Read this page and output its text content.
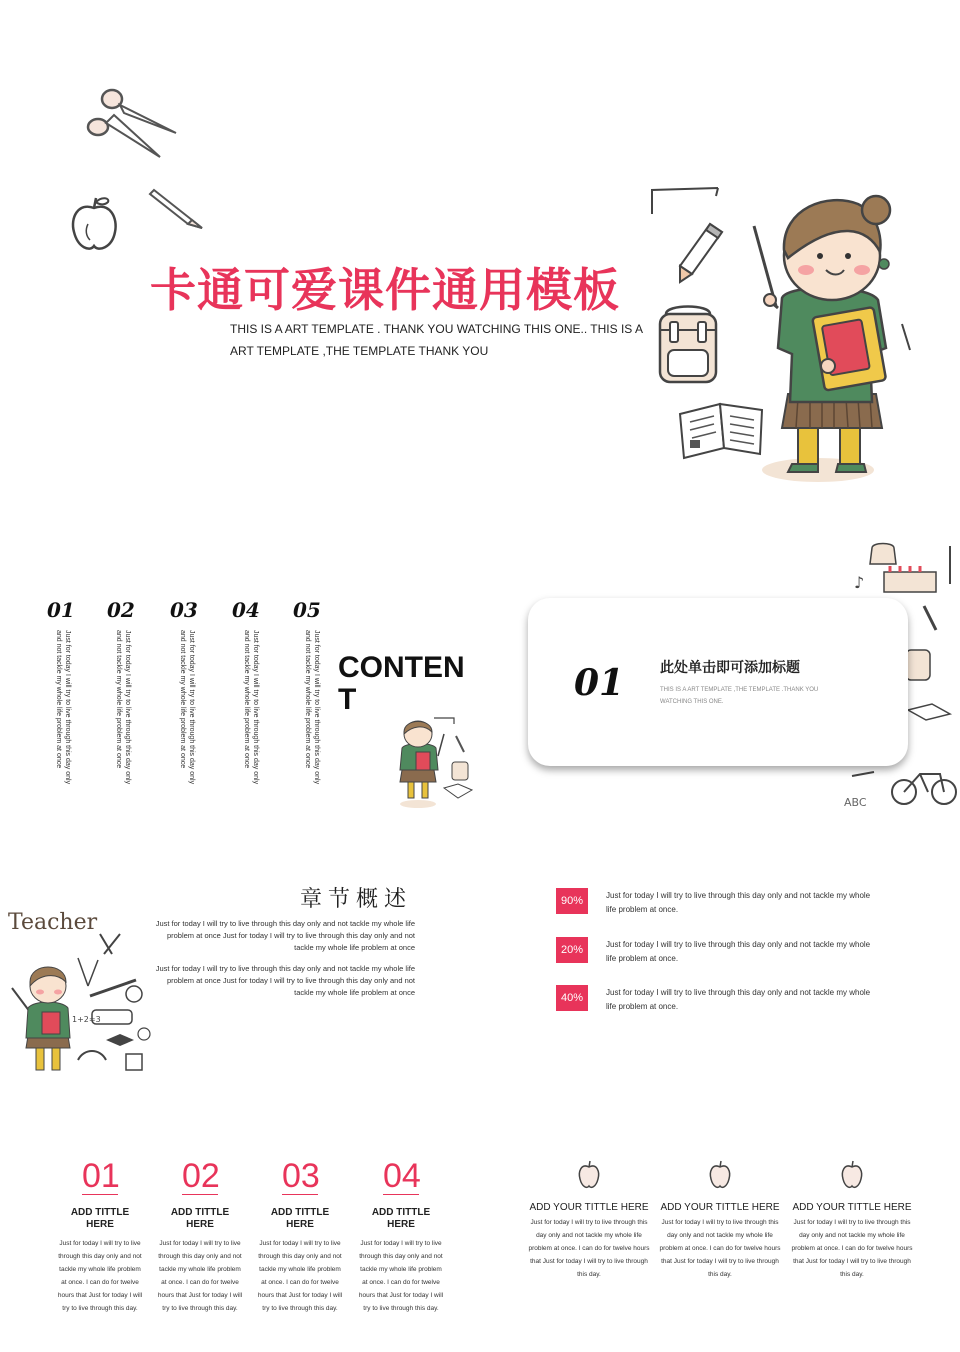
卡通可爱课件通用模板
THIS IS A ART TEMPLATE . THANK YOU WATCHING THIS ONE.. THIS IS A ART TEMPLATE ,THE TEMPLATE THANK YOU
01 02 03 04 05
Just for today I will try to live through this day only and not tackle my whole life problem at once	Just for today I will try to live through this day only and not tackle my whole life problem at once	Just for today I will try to live through this day only and not tackle my whole life problem at once	Just for today I will try to live through this day only and not tackle my whole life problem at once	Just for today I will try to live through this day only and not tackle my whole life problem at once CONTENT
♪
ABC
01	此处单击即可添加标题
THIS IS A ART TEMPLATE ,THE TEMPLATE .THANK YOU WATCHING THIS ONE.
Teacher
1+2=3
章节概述
Just for today I will try to live through this day only and not tackle my whole life problem at once Just for today I will try to live through this day only and not tackle my whole life problem at once
Just for today I will try to live through this day only and not tackle my whole life problem at once Just for today I will try to live through this day only and not tackle my whole life problem at once
90%	Just for today I will try to live through this day only and not tackle my whole life problem at once.
20%	Just for today I will try to live through this day only and not tackle my whole life problem at once.
40%	Just for today I will try to live through this day only and not tackle my whole life problem at once.
01
ADD TITTLE HERE
Just for today I will try to live through this day only and not tackle my whole life problem at once. I can do for twelve hours that Just for today I will try to live through this day.
02
ADD TITTLE HERE
Just for today I will try to live through this day only and not tackle my whole life problem at once. I can do for twelve hours that Just for today I will try to live through this day.
03
ADD TITTLE HERE
Just for today I will try to live through this day only and not tackle my whole life problem at once. I can do for twelve hours that Just for today I will try to live through this day.
04
ADD TITTLE HERE
Just for today I will try to live through this day only and not tackle my whole life problem at once. I can do for twelve hours that Just for today I will try to live through this day.
ADD YOUR TITTLE HERE
Just for today I will try to live through this day only and not tackle my whole life problem at once. I can do for twelve hours that Just for today I will try to live through this day.
ADD YOUR TITTLE HERE
Just for today I will try to live through this day only and not tackle my whole life problem at once. I can do for twelve hours that Just for today I will try to live through this day.
ADD YOUR TITTLE HERE
Just for today I will try to live through this day only and not tackle my whole life problem at once. I can do for twelve hours that Just for today I will try to live through this day.
